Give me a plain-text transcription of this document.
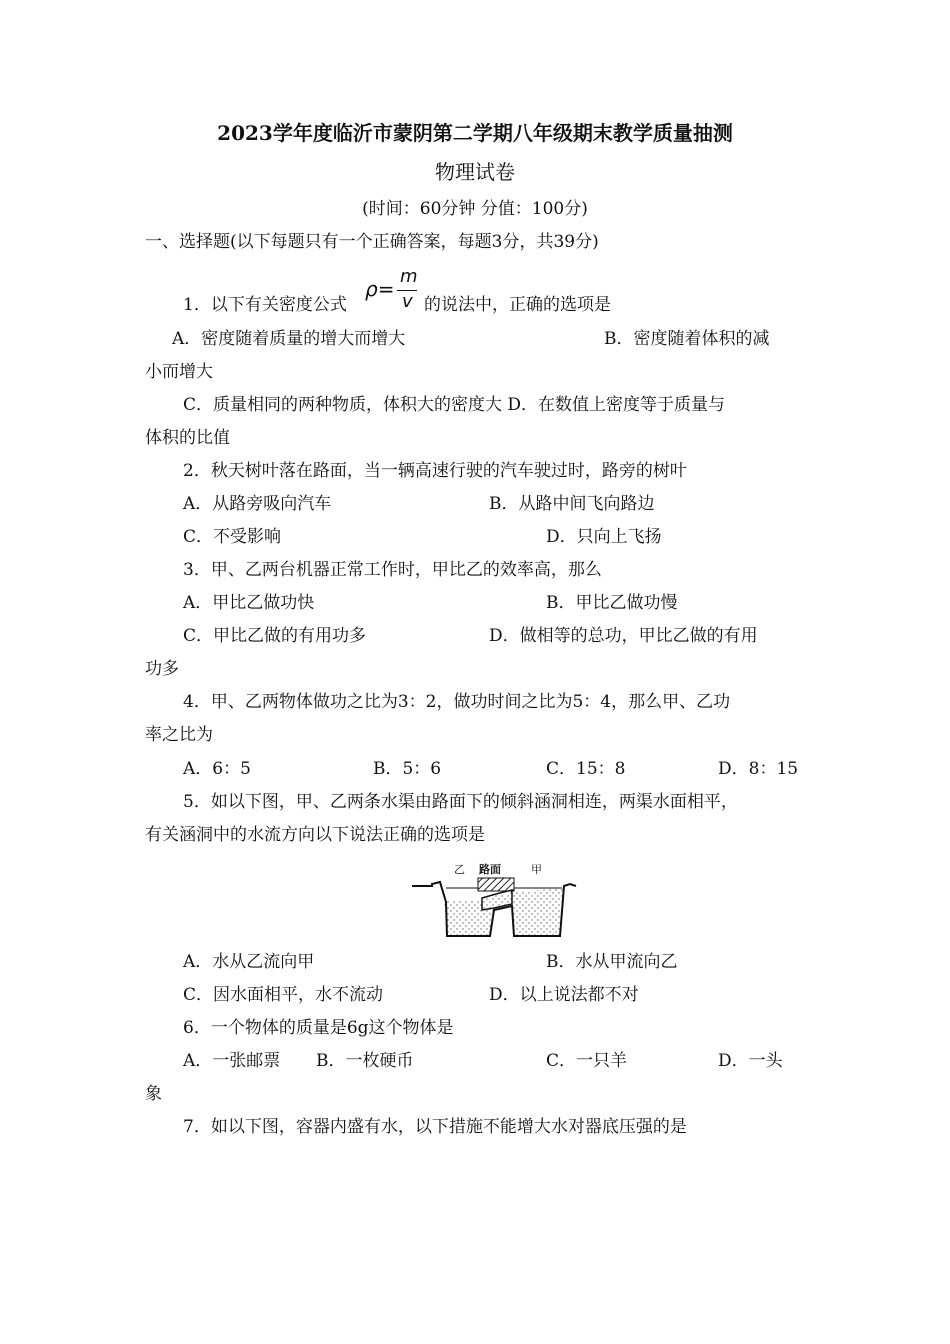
2023学年度临沂市蒙阴第二学期八年级期末教学质量抽测
物理试卷
(时间：60分钟 分值：100分)
一、选择题(以下每题只有一个正确答案，每题3分，共39分)
1．以下有关密度公式
ρ=
m
v 的说法中，正确的选项是
A．密度随着质量的增大而增大	B．密度随着体积的减
小而增大
C．质量相同的两种物质，体积大的密度大 D．在数值上密度等于质量与
体积的比值
2．秋天树叶落在路面，当一辆高速行驶的汽车驶过时，路旁的树叶
A．从路旁吸向汽车	B．从路中间飞向路边
C．不受影响	D．只向上飞扬
3．甲、乙两台机器正常工作时，甲比乙的效率高，那么
A．甲比乙做功快	B．甲比乙做功慢
C．甲比乙做的有用功多	D．做相等的总功，甲比乙做的有用
功多
4．甲、乙两物体做功之比为3：2，做功时间之比为5：4，那么甲、乙功
率之比为
A．6：5	B．5：6	C．15：8	D．8：15
5．如以下图，甲、乙两条水渠由路面下的倾斜涵洞相连，两渠水面相平，
有关涵洞中的水流方向以下说法正确的选项是
乙 路面	甲
A．水从乙流向甲	B．水从甲流向乙
C．因水面相平，水不流动	D．以上说法都不对
6．一个物体的质量是6g这个物体是
A．一张邮票 B．一枚硬币	C．一只羊	D．一头
象
7．如以下图，容器内盛有水，以下措施不能增大水对器底压强的是
